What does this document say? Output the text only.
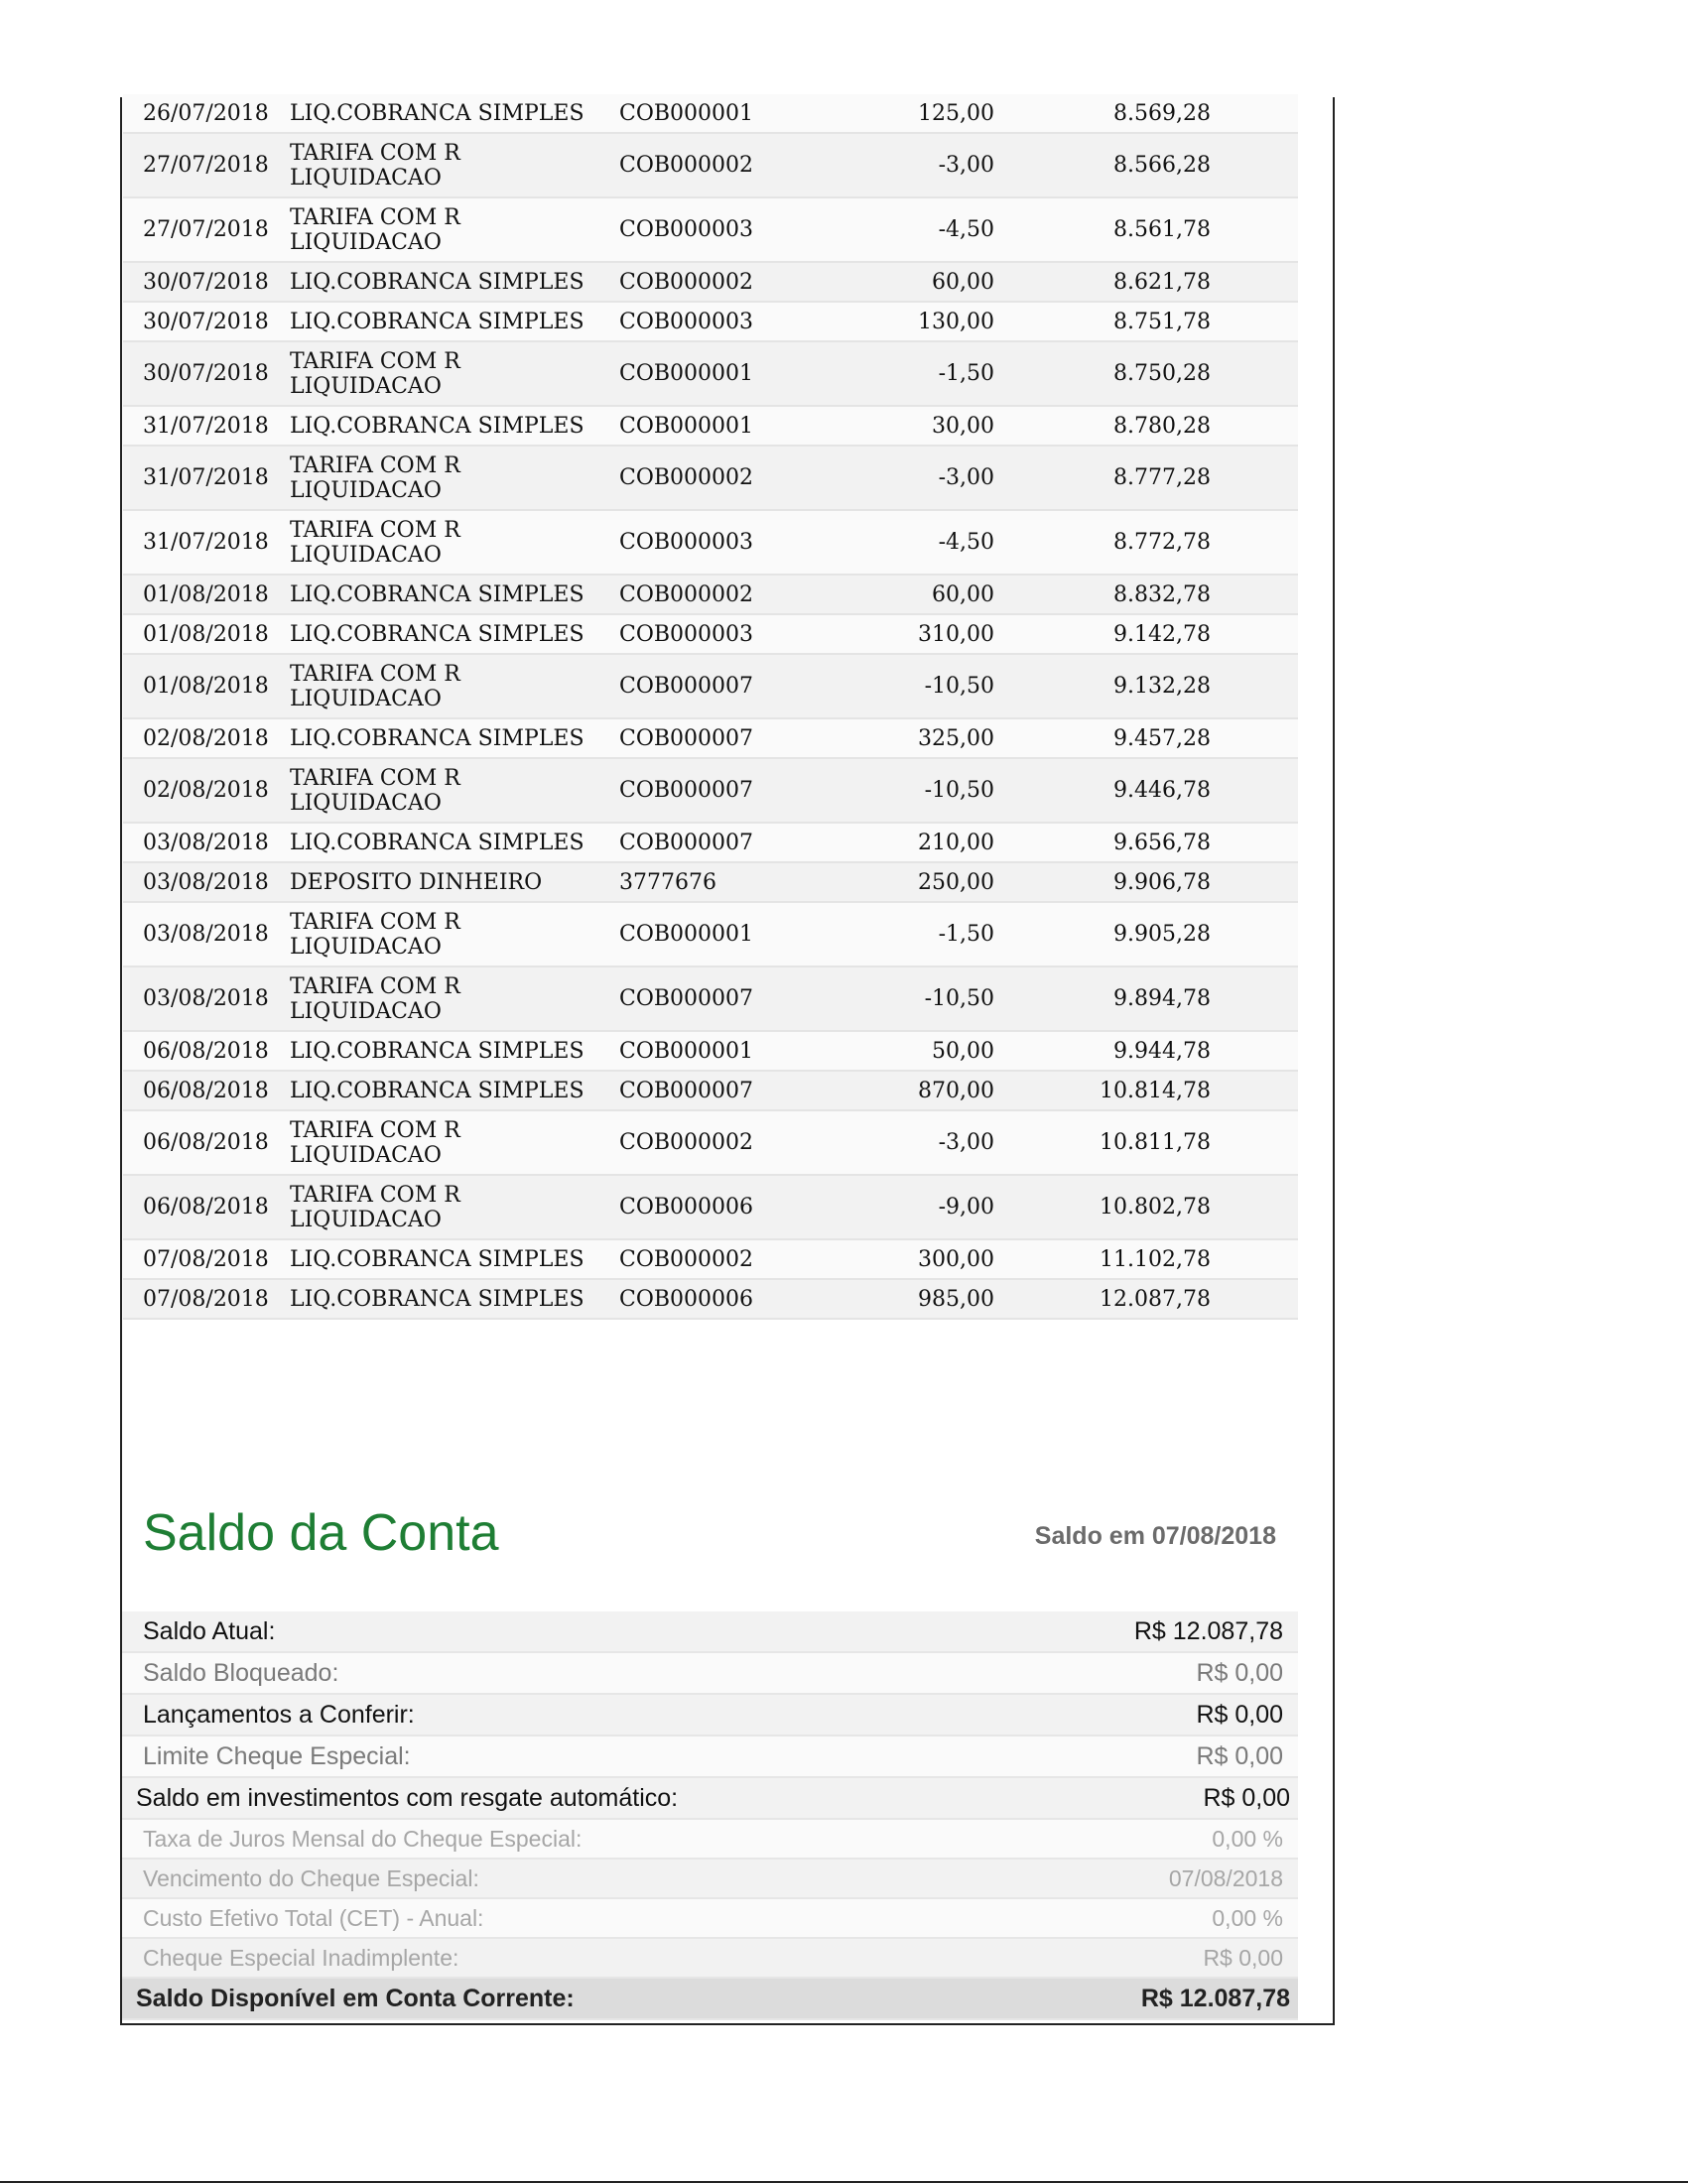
26/07/2018 LIQ.COBRANCA SIMPLES	COB000001	125,00	8.569,28
27/07/2018 TARIFA COM R
LIQUIDACAO	COB000002	-3,00	8.566,28
27/07/2018 TARIFA COM R
LIQUIDACAO	COB000003	-4,50	8.561,78
30/07/2018 LIQ.COBRANCA SIMPLES	COB000002	60,00	8.621,78
30/07/2018 LIQ.COBRANCA SIMPLES	COB000003	130,00	8.751,78
30/07/2018 TARIFA COM R
LIQUIDACAO	COB000001	-1,50	8.750,28
31/07/2018 LIQ.COBRANCA SIMPLES	COB000001	30,00	8.780,28
31/07/2018 TARIFA COM R
LIQUIDACAO	COB000002	-3,00	8.777,28
31/07/2018 TARIFA COM R
LIQUIDACAO	COB000003	-4,50	8.772,78
01/08/2018 LIQ.COBRANCA SIMPLES	COB000002	60,00	8.832,78
01/08/2018 LIQ.COBRANCA SIMPLES	COB000003	310,00	9.142,78
01/08/2018 TARIFA COM R
LIQUIDACAO	COB000007	-10,50	9.132,28
02/08/2018 LIQ.COBRANCA SIMPLES	COB000007	325,00	9.457,28
02/08/2018 TARIFA COM R
LIQUIDACAO	COB000007	-10,50	9.446,78
03/08/2018 LIQ.COBRANCA SIMPLES	COB000007	210,00	9.656,78
03/08/2018 DEPOSITO DINHEIRO	3777676	250,00	9.906,78
03/08/2018 TARIFA COM R
LIQUIDACAO	COB000001	-1,50	9.905,28
03/08/2018 TARIFA COM R
LIQUIDACAO	COB000007	-10,50	9.894,78
06/08/2018 LIQ.COBRANCA SIMPLES	COB000001	50,00	9.944,78
06/08/2018 LIQ.COBRANCA SIMPLES	COB000007	870,00	10.814,78
06/08/2018 TARIFA COM R
LIQUIDACAO	COB000002	-3,00	10.811,78
06/08/2018 TARIFA COM R
LIQUIDACAO	COB000006	-9,00	10.802,78
07/08/2018 LIQ.COBRANCA SIMPLES	COB000002	300,00	11.102,78
07/08/2018 LIQ.COBRANCA SIMPLES	COB000006	985,00	12.087,78
Saldo da Conta	Saldo em 07/08/2018
Saldo Atual:	R$ 12.087,78
Saldo Bloqueado:	R$ 0,00
Lançamentos a Conferir:	R$ 0,00
Limite Cheque Especial:	R$ 0,00
Saldo em investimentos com resgate automático:	R$ 0,00
Taxa de Juros Mensal do Cheque Especial:	0,00 %
Vencimento do Cheque Especial:	07/08/2018
Custo Efetivo Total (CET) - Anual:	0,00 %
Cheque Especial Inadimplente:	R$ 0,00
Saldo Disponível em Conta Corrente:	R$ 12.087,78
